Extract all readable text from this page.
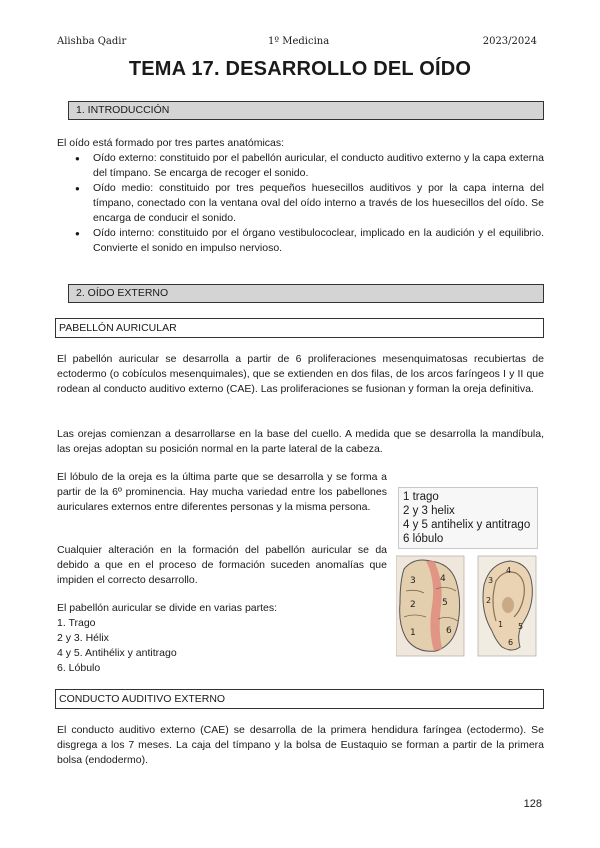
Alishba Qadir	1º Medicina	2023/2024
TEMA 17. DESARROLLO DEL OÍDO
1. INTRODUCCIÓN
El oído está formado por tres partes anatómicas:
● Oído externo: constituido por el pabellón auricular, el conducto auditivo externo y la capa externa del tímpano. Se encarga de recoger el sonido.
● Oído medio: constituido por tres pequeños huesecillos auditivos y por la capa interna del tímpano, conectado con la ventana oval del oído interno a través de los huesecillos del oído. Se encarga de conducir el sonido.
● Oído interno: constituido por el órgano vestibulococlear, implicado en la audición y el equilibrio. Convierte el sonido en impulso nervioso.
2. OÍDO EXTERNO
PABELLÓN AURICULAR
El pabellón auricular se desarrolla a partir de 6 proliferaciones mesenquimatosas recubiertas de ectodermo (o cobículos mesenquimales), que se extienden en dos filas, de los arcos faríngeos I y II que rodean al conducto auditivo externo (CAE). Las proliferaciones se fusionan y forman la oreja definitiva.
Las orejas comienzan a desarrollarse en la base del cuello. A medida que se desarrolla la mandíbula, las orejas adoptan su posición normal en la parte lateral de la cabeza.
El lóbulo de la oreja es la última parte que se desarrolla y se forma a partir de la 6º prominencia. Hay mucha variedad entre los pabellones auriculares externos entre diferentes personas y la misma persona.
Cualquier alteración en la formación del pabellón auricular se da debido a que en el proceso de formación suceden anomalías que impiden el correcto desarrollo.
El pabellón auricular se divide en varias partes:
1. Trago
2 y 3. Hélix
4 y 5. Antihélix y antitrago
6. Lóbulo
3	4
2	5
1	6
4
3
2
5
1
6
1 trago
2 y 3 helix
4 y 5 antihelix y antitrago
6 lóbulo
CONDUCTO AUDITIVO EXTERNO
El conducto auditivo externo (CAE) se desarrolla de la primera hendidura faríngea (ectodermo). Se disgrega a los 7 meses. La caja del tímpano y la bolsa de Eustaquio se forman a partir de la primera bolsa (endodermo).
128
